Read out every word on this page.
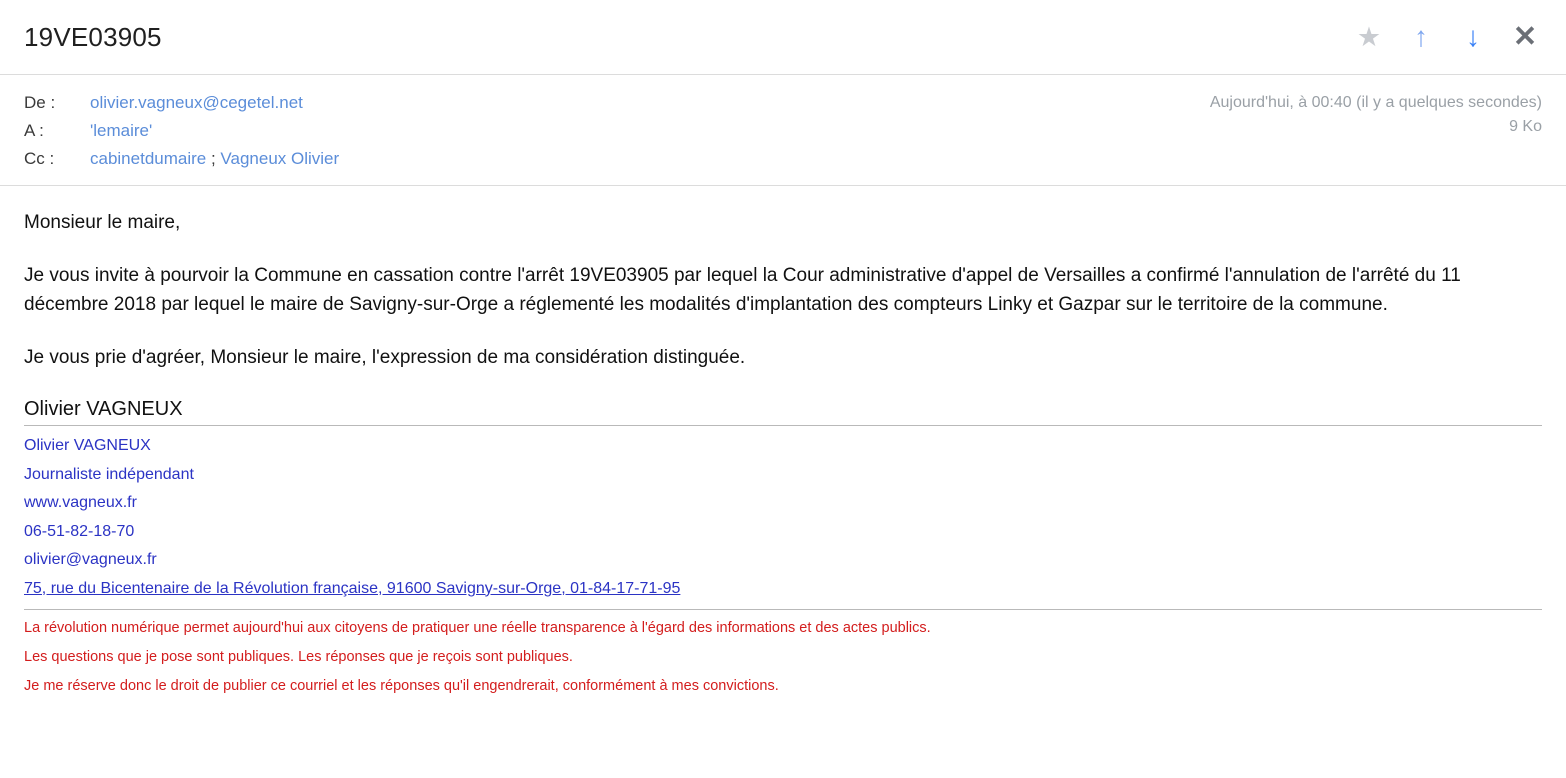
19VE03905	★ ↑ ↓ ✕
De :	olivier.vagneux@cegetel.net
A :	'lemaire'
Cc :	cabinetdumaire ; Vagneux Olivier
Aujourd'hui, à 00:40 (il y a quelques secondes)
9 Ko

Monsieur le maire,

Je vous invite à pourvoir la Commune en cassation contre l'arrêt 19VE03905 par lequel la Cour administrative d'appel de Versailles a confirmé l'annulation de l'arrêté du 11 décembre 2018 par lequel le maire de Savigny-sur-Orge a réglementé les modalités d'implantation des compteurs Linky et Gazpar sur le territoire de la commune.

Je vous prie d'agréer, Monsieur le maire, l'expression de ma considération distinguée.

Olivier VAGNEUX
Olivier VAGNEUX
Journaliste indépendant
www.vagneux.fr
06-51-82-18-70
olivier@vagneux.fr
75, rue du Bicentenaire de la Révolution française, 91600 Savigny-sur-Orge, 01-84-17-71-95
La révolution numérique permet aujourd'hui aux citoyens de pratiquer une réelle transparence à l'égard des informations et des actes publics.
Les questions que je pose sont publiques. Les réponses que je reçois sont publiques.
Je me réserve donc le droit de publier ce courriel et les réponses qu'il engendrerait, conformément à mes convictions.
